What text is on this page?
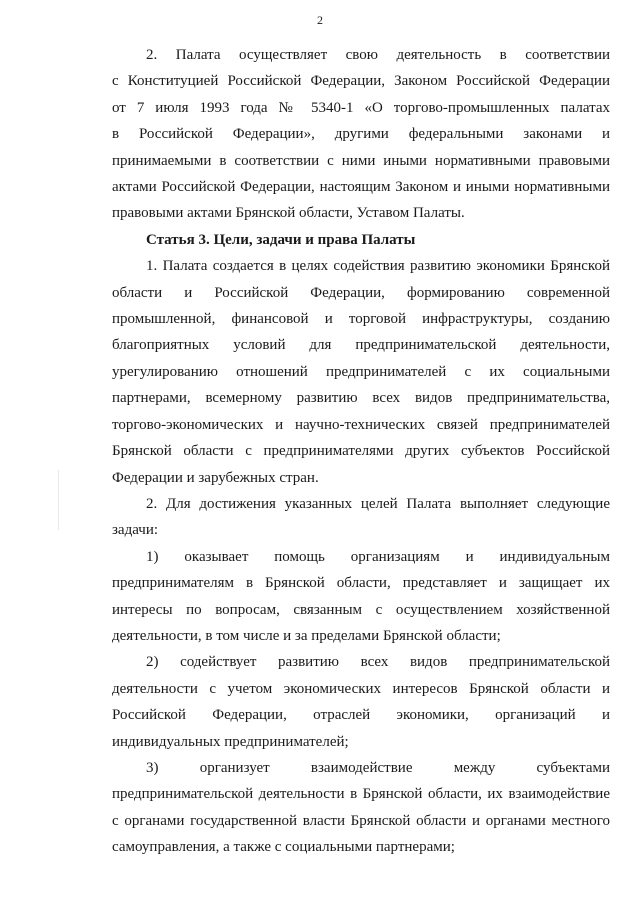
2
2. Палата осуществляет свою деятельность в соответствии
с Конституцией Российской Федерации, Законом Российской Федерации
от 7 июля 1993 года № 5340-1 «О торгово-промышленных палатах
в Российской Федерации», другими федеральными законами и
принимаемыми в соответствии с ними иными нормативными правовыми
актами Российской Федерации, настоящим Законом и иными нормативными
правовыми актами Брянской области, Уставом Палаты.
Статья 3. Цели, задачи и права Палаты
1. Палата создается в целях содействия развитию экономики Брянской
области и Российской Федерации, формированию современной
промышленной, финансовой и торговой инфраструктуры, созданию
благоприятных условий для предпринимательской деятельности,
урегулированию отношений предпринимателей с их социальными
партнерами, всемерному развитию всех видов предпринимательства,
торгово-экономических и научно-технических связей предпринимателей
Брянской области с предпринимателями других субъектов Российской
Федерации и зарубежных стран.
2. Для достижения указанных целей Палата выполняет следующие
задачи:
1) оказывает помощь организациям и индивидуальным
предпринимателям в Брянской области, представляет и защищает их
интересы по вопросам, связанным с осуществлением хозяйственной
деятельности, в том числе и за пределами Брянской области;
2) содействует развитию всех видов предпринимательской
деятельности с учетом экономических интересов Брянской области и
Российской Федерации, отраслей экономики, организаций и
индивидуальных предпринимателей;
3) организует взаимодействие между субъектами
предпринимательской деятельности в Брянской области, их взаимодействие
с органами государственной власти Брянской области и органами местного
самоуправления, а также с социальными партнерами;
